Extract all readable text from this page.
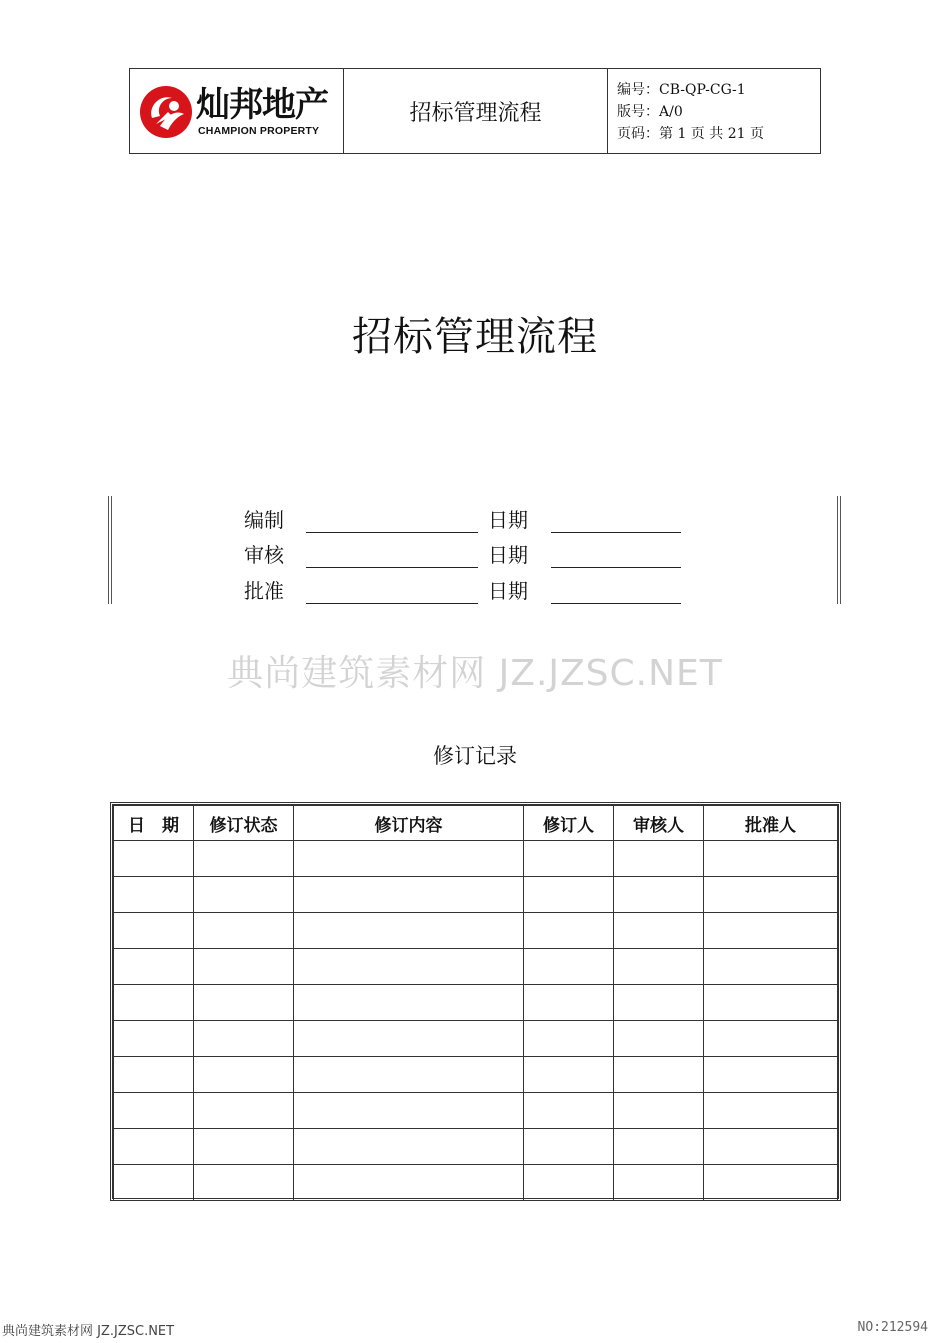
灿邦地产
CHAMPION PROPERTY
招标管理流程
编号：CB-QP-CG-1
版号：A/0
页码：第 1 页 共 21 页
招标管理流程
编制	日期
审核	日期
批准	日期
典尚建筑素材网 JZ.JZSC.NET
修订记录
日　期	修订状态	修订内容	修订人	审核人	批准人

典尚建筑素材网 JZ.JZSC.NET	NO:212594
